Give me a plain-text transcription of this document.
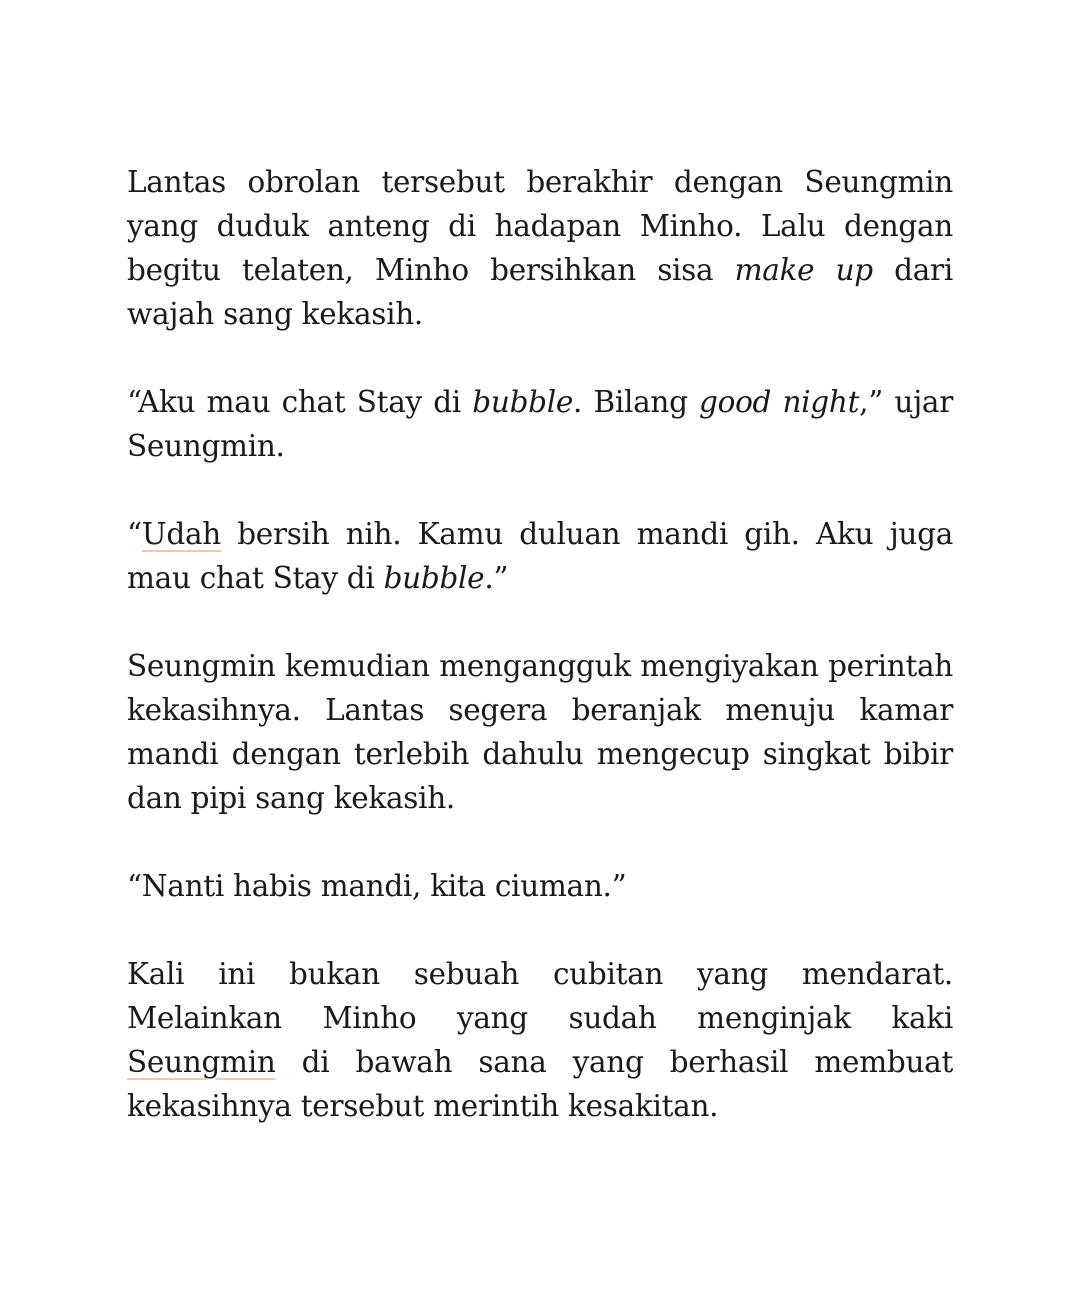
Lantas obrolan tersebut berakhir dengan Seungmin yang duduk anteng di hadapan Minho. Lalu dengan begitu telaten, Minho bersihkan sisa make up dari wajah sang kekasih.

“Aku mau chat Stay di bubble. Bilang good night,” ujar Seungmin.

“Udah bersih nih. Kamu duluan mandi gih. Aku juga mau chat Stay di bubble.”

Seungmin kemudian mengangguk mengiyakan perintah kekasihnya. Lantas segera beranjak menuju kamar mandi dengan terlebih dahulu mengecup singkat bibir dan pipi sang kekasih.

“Nanti habis mandi, kita ciuman.”

Kali ini bukan sebuah cubitan yang mendarat. Melainkan Minho yang sudah menginjak kaki Seungmin di bawah sana yang berhasil membuat kekasihnya tersebut merintih kesakitan.
